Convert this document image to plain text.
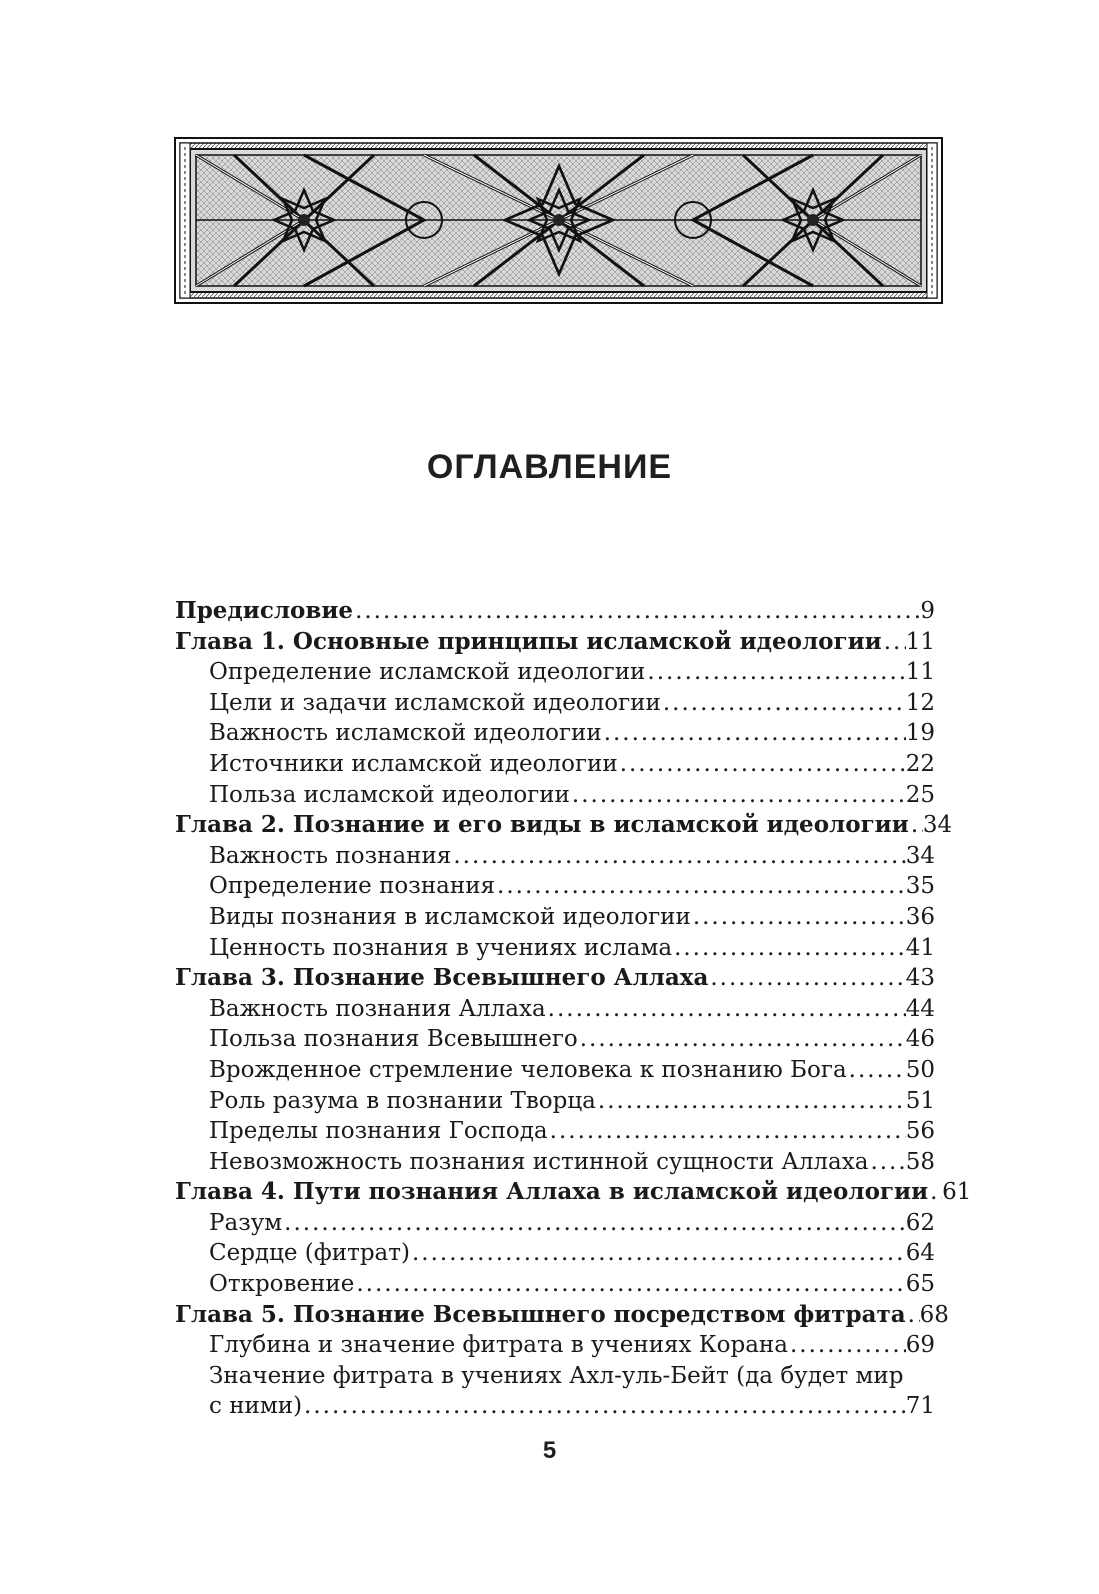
ОГЛАВЛЕНИЕ
Предисловие .....	9
Глава 1. Основные принципы исламской идеологии ..... 11
Определение исламской идеологии .....	11
Цели и задачи исламской идеологии .....	12
Важность исламской идеологии .....	19
Источники исламской идеологии .....	22
Польза исламской идеологии .....	25
Глава 2. Познание и его виды в исламской идеологии ..... 34
Важность познания .....	34
Определение познания .....	35
Виды познания в исламской идеологии .....	36
Ценность познания в учениях ислама .....	41
Глава 3. Познание Всевышнего Аллаха .....	43
Важность познания Аллаха .....	44
Польза познания Всевышнего .....	46
Врожденное стремление человека к познанию Бога .....	50
Роль разума в познании Творца .....	51
Пределы познания Господа .....	56
Невозможность познания истинной сущности Аллаха ..... 58
Глава 4. Пути познания Аллаха в исламской идеологии ..... 61
Разум .....	62
Сердце (фитрат) .....	64
Откровение .....	65
Глава 5. Познание Всевышнего посредством фитрата ..... 68
Глубина и значение фитрата в учениях Корана .....	69
Значение фитрата в учениях Ахл-уль-Бейт (да будет мир
с ними) .....	71
5
